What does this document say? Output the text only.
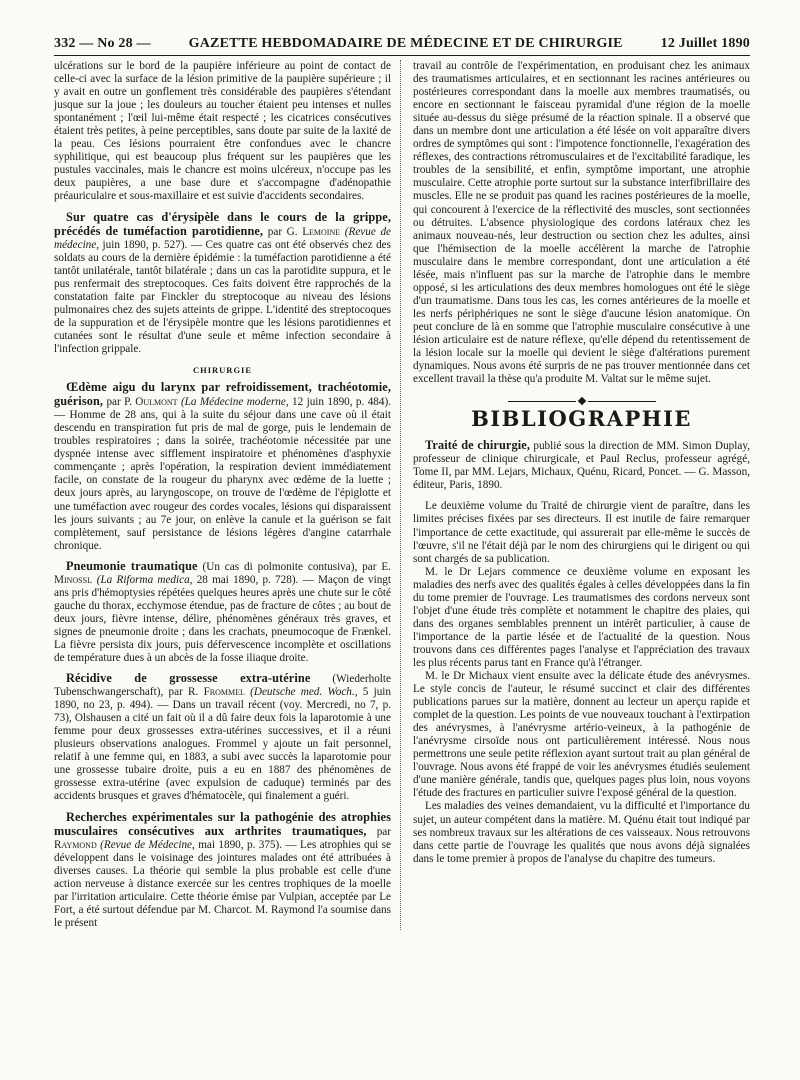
332 — No 28 —	GAZETTE HEBDOMADAIRE DE MÉDECINE ET DE CHIRURGIE	12 Juillet 1890

ulcérations sur le bord de la paupière inférieure au point de contact de celle-ci avec la surface de la lésion primitive de la paupière supérieure ; il y avait en outre un gonflement très considérable des paupières s'étendant jusque sur la joue ; les douleurs au toucher étaient peu intenses et nulles spontanément ; l'œil lui-même était respecté ; les cicatrices consécutives étaient très petites, à peine perceptibles, sans doute par suite de la laxité de la peau. Ces lésions pourraient être confondues avec le chancre syphilitique, qui est beaucoup plus fréquent sur les paupières que les pustules vaccinales, mais le chancre est moins ulcéreux, n'occupe pas les deux paupières, a une base dure et s'accompagne d'adénopathie préauriculaire et sous-maxillaire et est suivie d'accidents secondaires.

Sur quatre cas d'érysipèle dans le cours de la grippe, précédés de tuméfaction parotidienne, par G. Lemoine (Revue de médecine, juin 1890, p. 527). — Ces quatre cas ont été observés chez des soldats au cours de la dernière épidémie : la tuméfaction parotidienne a été tantôt unilatérale, tantôt bilatérale ; dans un cas la parotidite suppura, et le pus renfermait des streptocoques. Ces faits doivent être rapprochés de la constatation faite par Finckler du streptocoque au niveau des lésions pulmonaires chez des sujets atteints de grippe. L'identité des streptocoques de la suppuration et de l'érysipèle montre que les lésions parotidiennes et cutanées sont le résultat d'une seule et même infection secondaire à l'infection grippale.

CHIRURGIE

Œdème aigu du larynx par refroidissement, trachéotomie, guérison, par P. Oulmont (La Médecine moderne, 12 juin 1890, p. 484). — Homme de 28 ans, qui à la suite du séjour dans une cave où il était descendu en transpiration fut pris de mal de gorge, puis le lendemain de troubles respiratoires ; dans la soirée, trachéotomie nécessitée par une dyspnée intense avec sifflement inspiratoire et phénomènes d'asphyxie commençante ; après l'opération, la respiration devient immédiatement facile, on constate de la rougeur du pharynx avec œdème de la luette ; deux jours après, au laryngoscope, on trouve de l'œdème de l'épiglotte et une tuméfaction avec rougeur des cordes vocales, lésions qui disparaissent les jours suivants ; au 7e jour, on enlève la canule et la guérison se fait complètement, sauf persistance de lésions légères d'angine catarrhale chronique.

Pneumonie traumatique (Un cas di polmonite contusiva), par E. Minossi. (La Riforma medica, 28 mai 1890, p. 728). — Maçon de vingt ans pris d'hémoptysies répétées quelques heures après une chute sur le côté gauche du thorax, ecchymose étendue, pas de fracture de côtes ; au bout de deux jours, fièvre intense, délire, phénomènes généraux très graves, et signes de pneumonie droite ; dans les crachats, pneumocoque de Frænkel. La fièvre persista dix jours, puis défervescence incomplète et oscillations de température dues à un abcès de la fosse iliaque droite.

Récidive de grossesse extra-utérine (Wiederholte Tubenschwangerschaft), par R. Frommel (Deutsche med. Woch., 5 juin 1890, no 23, p. 494). — Dans un travail récent (voy. Mercredi, no 7, p. 73), Olshausen a cité un fait où il a dû faire deux fois la laparotomie à une femme pour deux grossesses extra-utérines successives, et il a réuni plusieurs observations analogues. Frommel y ajoute un fait personnel, relatif à une femme qui, en 1883, a subi avec succès la laparotomie pour une grossesse tubaire droite, puis a eu en 1887 des phénomènes de grossesse extra-utérine (avec expulsion de caduque) terminés par des accidents brusques et graves d'hématocèle, qui finalement a guéri.

Recherches expérimentales sur la pathogénie des atrophies musculaires consécutives aux arthrites traumatiques, par Raymond (Revue de Médecine, mai 1890, p. 375). — Les atrophies qui se développent dans le voisinage des jointures malades ont été attribuées à diverses causes. La théorie qui semble la plus probable est celle d'une action nerveuse à distance exercée sur les centres trophiques de la moelle par l'irritation articulaire. Cette théorie émise par Vulpian, acceptée par Le Fort, a été surtout défendue par M. Charcot. M. Raymond l'a soumise dans le présent

travail au contrôle de l'expérimentation, en produisant chez les animaux des traumatismes articulaires, et en sectionnant les racines antérieures ou postérieures correspondant dans la moelle aux membres traumatisés, ou encore en sectionnant le faisceau pyramidal d'une région de la moelle située au-dessus du siège présumé de la réaction spinale. Il a observé que dans un membre dont une articulation a été lésée on voit apparaître divers ordres de symptômes qui sont : l'impotence fonctionnelle, l'exagération des réflexes, des contractions rétromusculaires et de l'excitabilité faradique, les troubles de la sensibilité, et enfin, symptôme important, une atrophie musculaire. Cette atrophie porte surtout sur la substance interfibrillaire des muscles. Elle ne se produit pas quand les racines postérieures de la moelle, qui concourent à l'exercice de la réflectivité des muscles, sont sectionnées ou détruites. L'absence physiologique des cordons latéraux chez les animaux nouveau-nés, leur destruction ou section chez les adultes, ainsi que l'hémisection de la moelle accélèrent la marche de l'atrophie musculaire dans le membre correspondant, dont une articulation a été lésée, mais n'influent pas sur la marche de l'atrophie dans le membre opposé, si les articulations des deux membres homologues ont été le siège d'un traumatisme. Dans tous les cas, les cornes antérieures de la moelle et les nerfs périphériques ne sont le siège d'aucune lésion anatomique. On peut conclure de là en somme que l'atrophie musculaire consécutive à une lésion articulaire est de nature réflexe, qu'elle dépend du retentissement de la lésion locale sur la moelle qui devient le siège d'altérations purement dynamiques. Nous avons été surpris de ne pas trouver mentionnée dans cet excellent travail la thèse qu'a produite M. Valtat sur le même sujet.

BIBLIOGRAPHIE

Traité de chirurgie, publié sous la direction de MM. Simon Duplay, professeur de clinique chirurgicale, et Paul Reclus, professeur agrégé, Tome II, par MM. Lejars, Michaux, Quénu, Ricard, Poncet. — G. Masson, éditeur, Paris, 1890.

Le deuxième volume du Traité de chirurgie vient de paraître, dans les limites précises fixées par ses directeurs. Il est inutile de faire remarquer l'importance de cette exactitude, qui assurerait par elle-même le succès de l'œuvre, s'il ne l'était déjà par le nom des chirurgiens qui le dirigent ou qui sont chargés de sa publication.

M. le Dr Lejars commence ce deuxième volume en exposant les maladies des nerfs avec des qualités égales à celles développées dans la fin du tome premier de l'ouvrage. Les traumatismes des cordons nerveux sont l'objet d'une étude très complète et notamment le chapitre des plaies, qui dans des organes semblables prennent un intérêt particulier, à cause de l'importance de la partie lésée et de l'actualité de la question. Nous trouvons dans ces différentes pages l'analyse et l'appréciation des travaux les plus récents parus tant en France qu'à l'étranger.

M. le Dr Michaux vient ensuite avec la délicate étude des anévrysmes. Le style concis de l'auteur, le résumé succinct et clair des différentes publications parues sur la matière, donnent au lecteur un aperçu rapide et complet de la question. Les points de vue nouveaux touchant à l'extirpation des anévrysmes, à l'anévrysme artério-veineux, à la pathogénie de l'anévrysme cirsoïde nous ont particulièrement intéressé. Nous nous permettrons une seule petite réflexion ayant surtout trait au plan général de l'ouvrage. Nous avons été frappé de voir les anévrysmes étudiés seulement d'une manière générale, tandis que, quelques pages plus loin, nous voyons l'étude des fractures en particulier suivre l'exposé général de la question.

Les maladies des veines demandaient, vu la difficulté et l'importance du sujet, un auteur compétent dans la matière. M. Quénu était tout indiqué par ses nombreux travaux sur les altérations de ces vaisseaux. Nous retrouvons dans cette partie de l'ouvrage les qualités que nous avons déjà signalées dans le tome premier à propos de l'analyse du chapitre des tumeurs.
